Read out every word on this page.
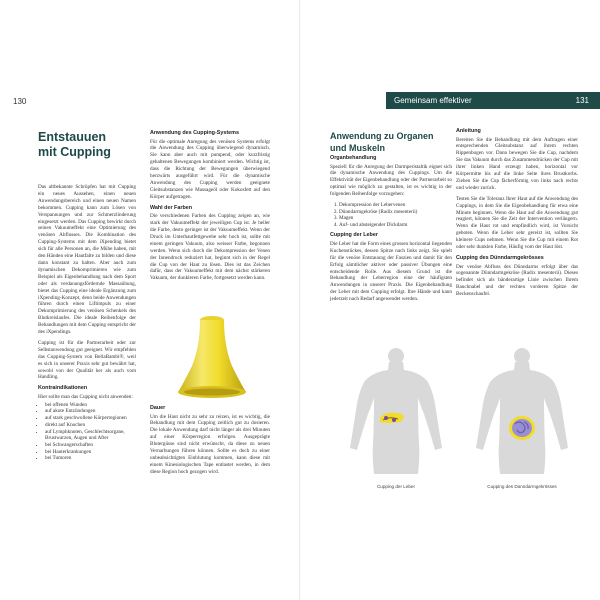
130
Entstauuen
mit Cupping

Das altbekannte Schröpfen hat mit Cupping ein neues Aussehen, einen neuen Anwendungsbereich und einen neuen Namen bekommen. Cupping kann zum Lösen von Verspannungen und zur Schmerzlinderung eingesetzt werden. Das Cupping bewirkt durch seinen Vakuumeffekt eine Optimierung des venösen Abflusses. Die Kombination des Cupping-Systems mit dem iXpending bietet sich für alle Personen an, die Mühe haben, mit den Händen eine Hautfalte zu bilden und diese dann konstant zu halten. Aber auch zum dynamischen Dekomprimieren wie zum Beispiel als Eigenbehandlung nach dem Sport oder als verdauungsfördernde Massaübung, bietet das Cupping eine ideale Ergänzung zum iXpending-Konzept, denn beide Anwendungen führen durch einen Liftimpuls zu einer Dekomprimierung des venösen Schenkels des Blutkreislaufes. Die ideale Reihenfolge der Behandlungen mit dem Cupping entspricht der des iXpendings.

Cupping ist für die Partnerarbeit oder zur Selbstanwendung gut geeignet. Wir empfehlen das Cupping-System von BellaBambi®, weil es sich in unserer Praxis sehr gut bewährt hat, sowohl von der Qualität her als auch vom Handling.

Kontraindikationen

Hier sollte man das Cupping nicht anwenden:

• bei offenen Wunden
• auf akute Entzündungen
• auf stark geschwollene Körperregionen
• direkt auf Knochen
• auf Lymphknoten, Geschlechtsorgane, Brustwarzen, Augen und After
• bei Schwangerschaften
• bei Hauterkrankungen
• bei Tumoren

Anwendung des Cupping-Systems

Für die optimale Anregung des venösen Systems erfolgt die Anwendung des Cupping überwiegend dynamisch. Sie kann aber auch mit pumpend, oder kurzfristig gehaltenen Bewegungen kombiniert werden. Wichtig ist, dass die Richtung der Bewegungen überwiegend herzwärts ausgeführt wird. Für die dynamische Anwendung des Cupping werden geeignete Gleitsubstanzen wie Massageöl oder Kokosfett auf den Körper aufgetragen.

Wahl der Farben

Die verschiedenen Farben des Cupping zeigen an, wie stark der Vakuumeffekt der jeweiligen Cup ist. Je heller die Farbe, desto geringer ist der Vakuumeffekt. Wenn der Druck im Unterhautfettgewebe sehr hoch ist, sollte mit einem geringen Vakuum, also weisser Farbe, begonnen werden. Wenn sich durch die Dekompression der Venen der Innendruck reduziert hat, beginnt sich in der Regel die Cup von der Haut zu lösen. Dies ist das Zeichen dafür, dass der Vakuumeffekt mit dem nächst stärkeren Vakuum, der dunkleren Farbe, fortgesetzt werden kann.

Dauer

Um die Haut nicht zu sehr zu reizen, ist es wichtig, die Behandlung mit dem Cupping zeitlich gut zu dosieren. Die lokale Anwendung darf nicht länger als drei Minuten auf einer Körperregion erfolgen. Ausgeprägte Blutergüsse sind nicht erwünscht, da diese zu neuen Vernarbungen führen können. Sollte es doch zu einer unbeabsichtigten Einblutung kommen, kann diese mit einem Kinesiologischen Tape entlastet werden, in dem diese Region hoch gezogen wird.

Gemeinsam effektiver	131
Anwendung zu Organen
und Muskeln

Organbehandlung

Speziell für die Anregung der Darmperistaltik eignet sich die dynamische Anwendung des Cuppings. Um die Effektivität der Eigenbehandlung oder der Partnerarbeit so optimal wie möglich zu gestalten, ist es wichtig in der folgenden Reihenfolge vorzugehen:

1. Dekompression der Lebervenen
2. Dünndarmgekröse (Radix mesenterii)
3. Magen
4. Auf- und absteigender Dickdarm

Cupping der Leber

Die Leber hat die Form eines grossen horizontal liegenden Kuchenstückes, dessen Spitze nach links zeigt. Sie spielt für die venöse Entstauung der Faszien und damit für den Erfolg sämtlicher aktiver oder passiver Übungen eine entscheidende Rolle. Aus diesem Grund ist die Behandlung der Leberregion eine der häufigsten Anwendungen in unserer Praxis. Die Eigenbehandlung der Leber mit dem Cupping erfolgt. Ihre Hände und kann jederzeit nach Bedarf angewendet werden.

Anleitung

Bereiten Sie die Behandlung mit dem Auftragen einer entsprechenden Gleitsubstanz auf ihrem rechten Rippenbogen vor. Dann bewegen Sie die Cup, nachdem Sie das Vakuum durch das Zusammendrücken der Cup mit ihrer linken Hand erzeugt haben, horizontal vor Körpermitte bis auf die linke Seite ihres Brustkorbs. Ziehen Sie die Cup fächerförmig von links nach rechts und wieder zurück.

Testen Sie die Toleranz Ihrer Haut auf die Anwendung des Cuppings, in dem Sie die Eigenbehandlung für etwa eine Minute beginnen. Wenn die Haut auf die Anwendung gut reagiert, können Sie die Zeit der Intervention verlängern. Wenn die Haut rot und empfindlich wird, ist Vorsicht geboten. Wenn die Leber sehr gereizt ist, sollten Sie kleinere Cups nehmen. Wenn Sie die Cup mit einem Rot oder sehr dunklen Farbe, Häufig vom der Haut löst.

Cupping des Dünndarmgekrösses

Der venöse Abfluss des Dünndarms erfolgt über das sogenannte Dünndarmgekröse (Radix mesenterii). Dieses befindet sich als bänderartige Linie zwischen Ihrem Bauchnabel und der rechten vorderen Spitze der Beckenschaufel.

Cupping der Leber	Cupping des Dünndarmgekrösses
